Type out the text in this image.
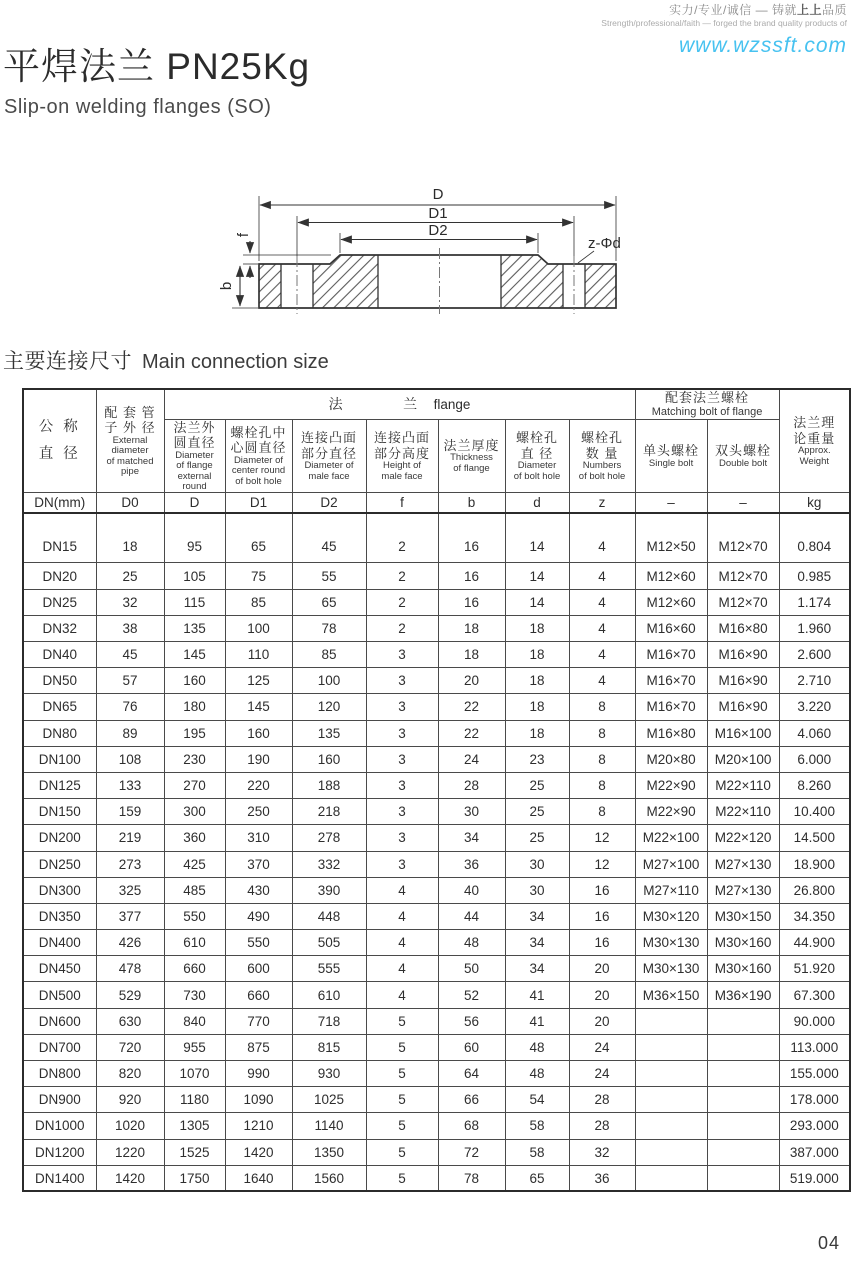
实力/专业/诚信 — 铸就上上品质
Strength/professional/faith — forged the brand quality products of
www.wzssft.com
平焊法兰 PN25Kg
Slip-on welding flanges (SO)
D
D1
D2
f
b
z-Φd
主要连接尺寸 Main connection size
公 称
直 径

配 套 管
子 外 径
External
diameter
of matched
pipe
	法	兰 flange	配套法兰螺栓
Matching bolt of flange

法兰理
论重量
Approx.
Weight

法兰外
圆直径
Diameter
of flange
external
round

螺栓孔中
心圆直径
Diameter of
center round
of bolt hole

连接凸面
部分直径
Diameter of
male face

连接凸面
部分高度
Height of
male face

法兰厚度
Thickness
of flange

螺栓孔
直 径
Diameter
of bolt hole

螺栓孔
数 量
Numbers
of bolt hole

单头螺栓
Single bolt

双头螺栓
Double bolt

DN(mm)	D0	D	D1	D2	f	b	d	z	–	–	kg
DN15	18	95	65	45	2	16	14	4	M12×50	M12×70	0.804
DN20	25	105	75	55	2	16	14	4	M12×60	M12×70	0.985
DN25	32	115	85	65	2	16	14	4	M12×60	M12×70	1.174
DN32	38	135	100	78	2	18	18	4	M16×60	M16×80	1.960
DN40	45	145	110	85	3	18	18	4	M16×70	M16×90	2.600
DN50	57	160	125	100	3	20	18	4	M16×70	M16×90	2.710
DN65	76	180	145	120	3	22	18	8	M16×70	M16×90	3.220
DN80	89	195	160	135	3	22	18	8	M16×80	M16×100	4.060
DN100	108	230	190	160	3	24	23	8	M20×80	M20×100	6.000
DN125	133	270	220	188	3	28	25	8	M22×90	M22×110	8.260
DN150	159	300	250	218	3	30	25	8	M22×90	M22×110	10.400
DN200	219	360	310	278	3	34	25	12	M22×100	M22×120	14.500
DN250	273	425	370	332	3	36	30	12	M27×100	M27×130	18.900
DN300	325	485	430	390	4	40	30	16	M27×110	M27×130	26.800
DN350	377	550	490	448	4	44	34	16	M30×120	M30×150	34.350
DN400	426	610	550	505	4	48	34	16	M30×130	M30×160	44.900
DN450	478	660	600	555	4	50	34	20	M30×130	M30×160	51.920
DN500	529	730	660	610	4	52	41	20	M36×150	M36×190	67.300
DN600	630	840	770	718	5	56	41	20			90.000
DN700	720	955	875	815	5	60	48	24			113.000
DN800	820	1070	990	930	5	64	48	24			155.000
DN900	920	1180	1090	1025	5	66	54	28			178.000
DN1000	1020	1305	1210	1140	5	68	58	28			293.000
DN1200	1220	1525	1420	1350	5	72	58	32			387.000
DN1400	1420	1750	1640	1560	5	78	65	36			519.000
04
